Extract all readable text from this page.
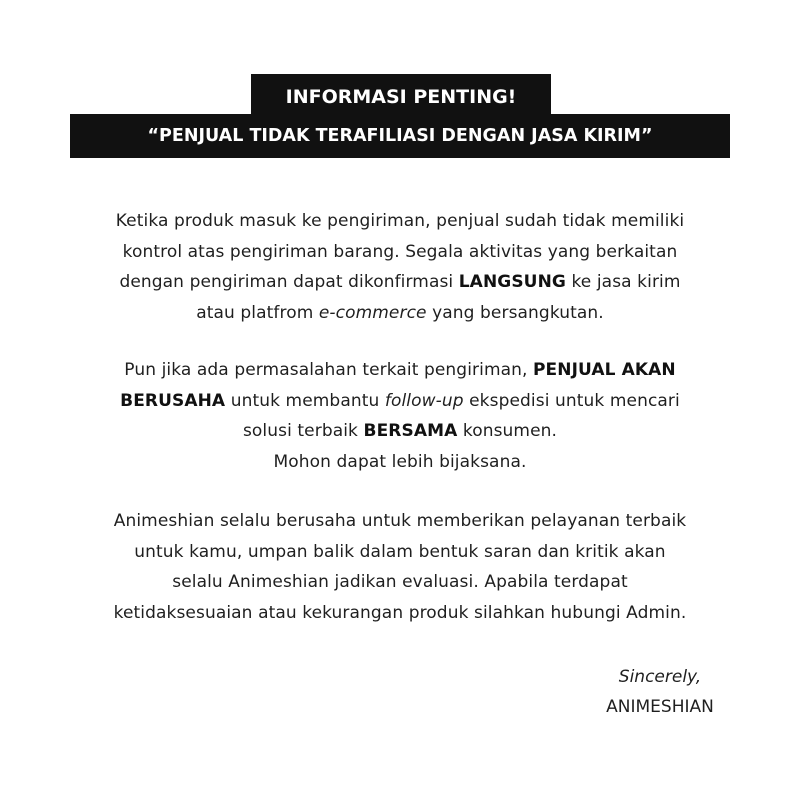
“PENJUAL TIDAK TERAFILIASI DENGAN JASA KIRIM”
INFORMASI PENTING!
Ketika produk masuk ke pengiriman, penjual sudah tidak memiliki
kontrol atas pengiriman barang. Segala aktivitas yang berkaitan
dengan pengiriman dapat dikonfirmasi LANGSUNG ke jasa kirim
atau platfrom e-commerce yang bersangkutan.
Pun jika ada permasalahan terkait pengiriman, PENJUAL AKAN
BERUSAHA untuk membantu follow-up ekspedisi untuk mencari
solusi terbaik BERSAMA konsumen.
Mohon dapat lebih bijaksana.
Animeshian selalu berusaha untuk memberikan pelayanan terbaik
untuk kamu, umpan balik dalam bentuk saran dan kritik akan
selalu Animeshian jadikan evaluasi. Apabila terdapat
ketidaksesuaian atau kekurangan produk silahkan hubungi Admin.
Sincerely,
ANIMESHIAN
